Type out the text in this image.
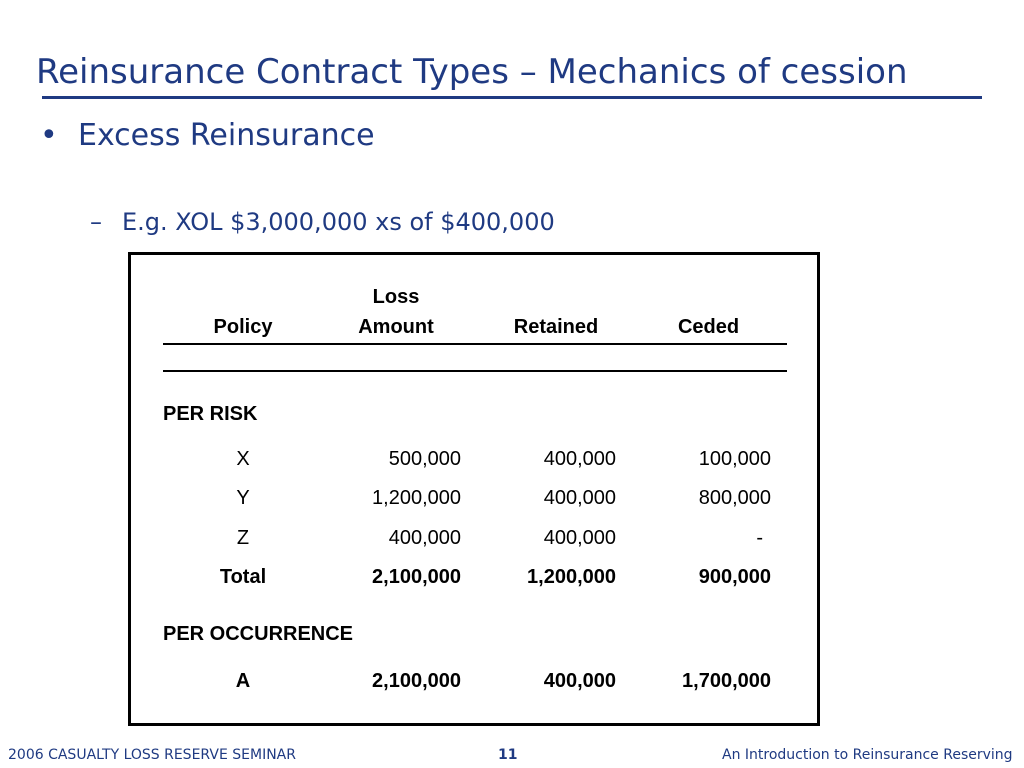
Reinsurance Contract Types – Mechanics of cession
• Excess Reinsurance
– E.g. XOL $3,000,000 xs of $400,000
Loss
Policy	Amount	Retained	Ceded
PER RISK
X	500,000	400,000	100,000
Y	1,200,000	400,000	800,000
Z	400,000	400,000	-
Total	2,100,000	1,200,000	900,000
PER OCCURRENCE
A	2,100,000	400,000	1,700,000
2006 CASUALTY LOSS RESERVE SEMINAR	11	An Introduction to Reinsurance Reserving
